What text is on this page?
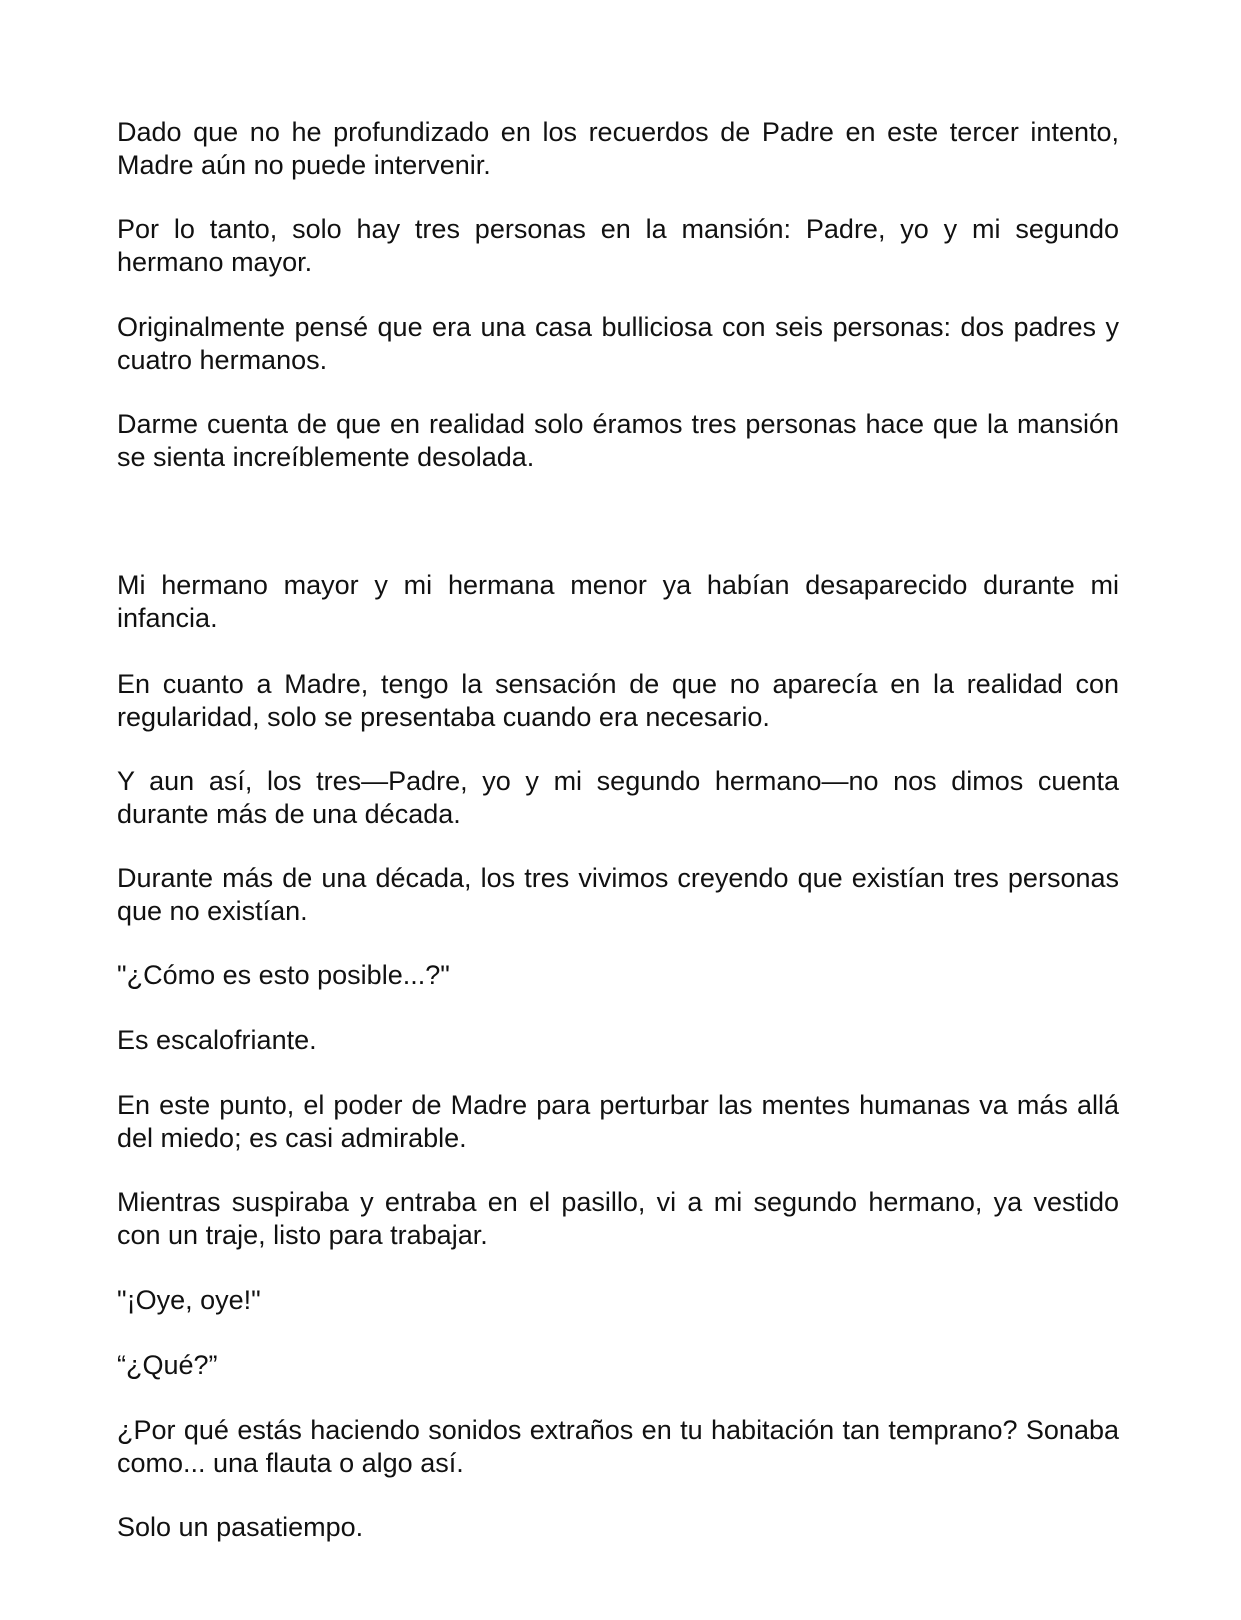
Dado que no he profundizado en los recuerdos de Padre en este tercer intento, Madre aún no puede intervenir.

Por lo tanto, solo hay tres personas en la mansión: Padre, yo y mi segundo hermano mayor.

Originalmente pensé que era una casa bulliciosa con seis personas: dos padres y cuatro hermanos.

Darme cuenta de que en realidad solo éramos tres personas hace que la mansión se sienta increíblemente desolada.

Mi hermano mayor y mi hermana menor ya habían desaparecido durante mi infancia.

En cuanto a Madre, tengo la sensación de que no aparecía en la realidad con regularidad, solo se presentaba cuando era necesario.

Y aun así, los tres—Padre, yo y mi segundo hermano—no nos dimos cuenta durante más de una década.

Durante más de una década, los tres vivimos creyendo que existían tres personas que no existían.

"¿Cómo es esto posible...?"

Es escalofriante.

En este punto, el poder de Madre para perturbar las mentes humanas va más allá del miedo; es casi admirable.

Mientras suspiraba y entraba en el pasillo, vi a mi segundo hermano, ya vestido con un traje, listo para trabajar.

"¡Oye, oye!"

“¿Qué?”

¿Por qué estás haciendo sonidos extraños en tu habitación tan temprano? Sonaba como... una flauta o algo así.

Solo un pasatiempo.
